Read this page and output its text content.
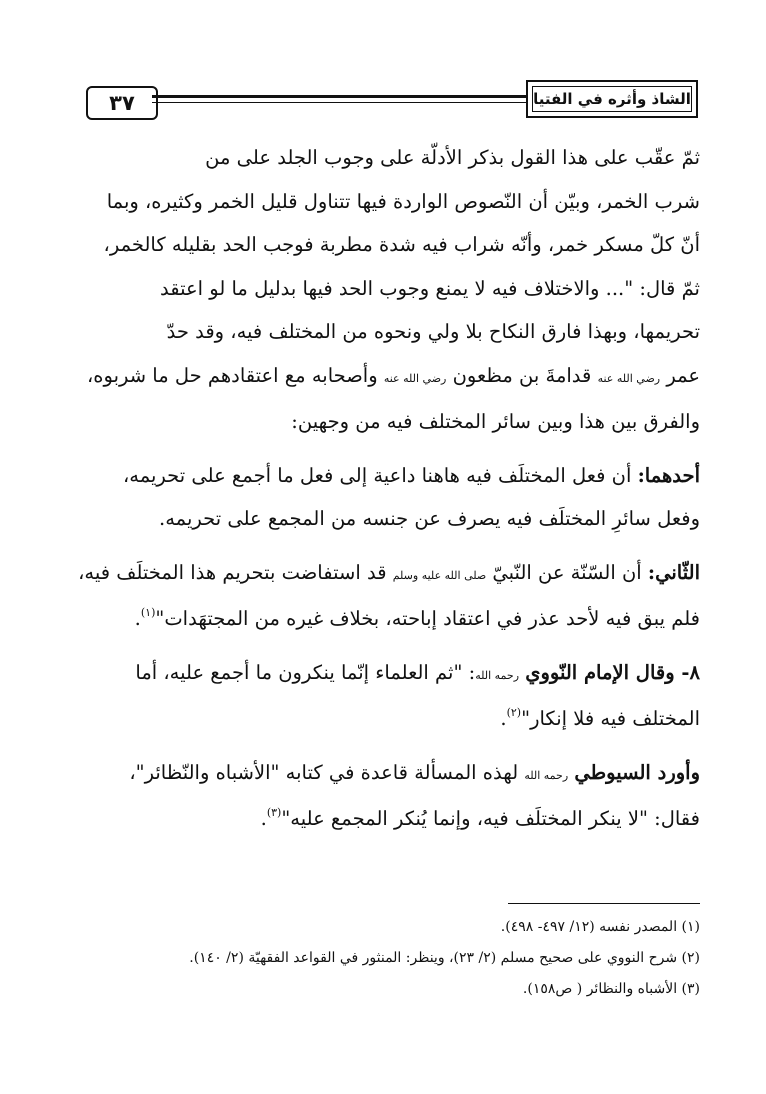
٣٧	الشاذ وأثره في الفتيا

ثمّ عقّب على هذا القول بذكر الأدلّة على وجوب الجلد على من

شرب الخمر، وبيّن أن النّصوص الواردة فيها تتناول قليل الخمر وكثيره، وبما

أنّ كلّ مسكر خمر، وأنّه شراب فيه شدة مطربة فوجب الحد بقليله كالخمر،

ثمّ قال: "... والاختلاف فيه لا يمنع وجوب الحد فيها بدليل ما لو اعتقد

تحريمها، وبهذا فارق النكاح بلا ولي ونحوه من المختلف فيه، وقد حدّ

عمر رضي الله عنه قدامةَ بن مظعون رضي الله عنه وأصحابه مع اعتقادهم حل ما شربوه،

والفرق بين هذا وبين سائر المختلف فيه من وجهين:

أحدهما: أن فعل المختلَف فيه هاهنا داعية إلى فعل ما أجمع على تحريمه،

وفعل سائرِ المختلَف فيه يصرف عن جنسه من المجمع على تحريمه.

الثّاني: أن السّنّة عن النّبيّ صلى الله عليه وسلم قد استفاضت بتحريم هذا المختلَف فيه،

فلم يبق فيه لأحد عذر في اعتقاد إباحته، بخلاف غيره من المجتهَدات"$^{(١)}$.

٨- وقال الإمام النّووي رحمه الله: "ثم العلماء إنّما ينكرون ما أجمع عليه، أما

المختلف فيه فلا إنكار"$^{(٢)}$.

وأورد السيوطي رحمه الله لهذه المسألة قاعدة في كتابه "الأشباه والنّظائر"،

فقال: "لا ينكر المختلَف فيه، وإنما يُنكر المجمع عليه"$^{(٣)}$.

(١) المصدر نفسه (١٢/ ٤٩٧- ٤٩٨).

(٢) شرح النووي على صحيح مسلم (٢/ ٢٣)، وينظر: المنثور في القواعد الفقهيّة (٢/ ١٤٠).

(٣) الأشباه والنظائر ( ص١٥٨).
